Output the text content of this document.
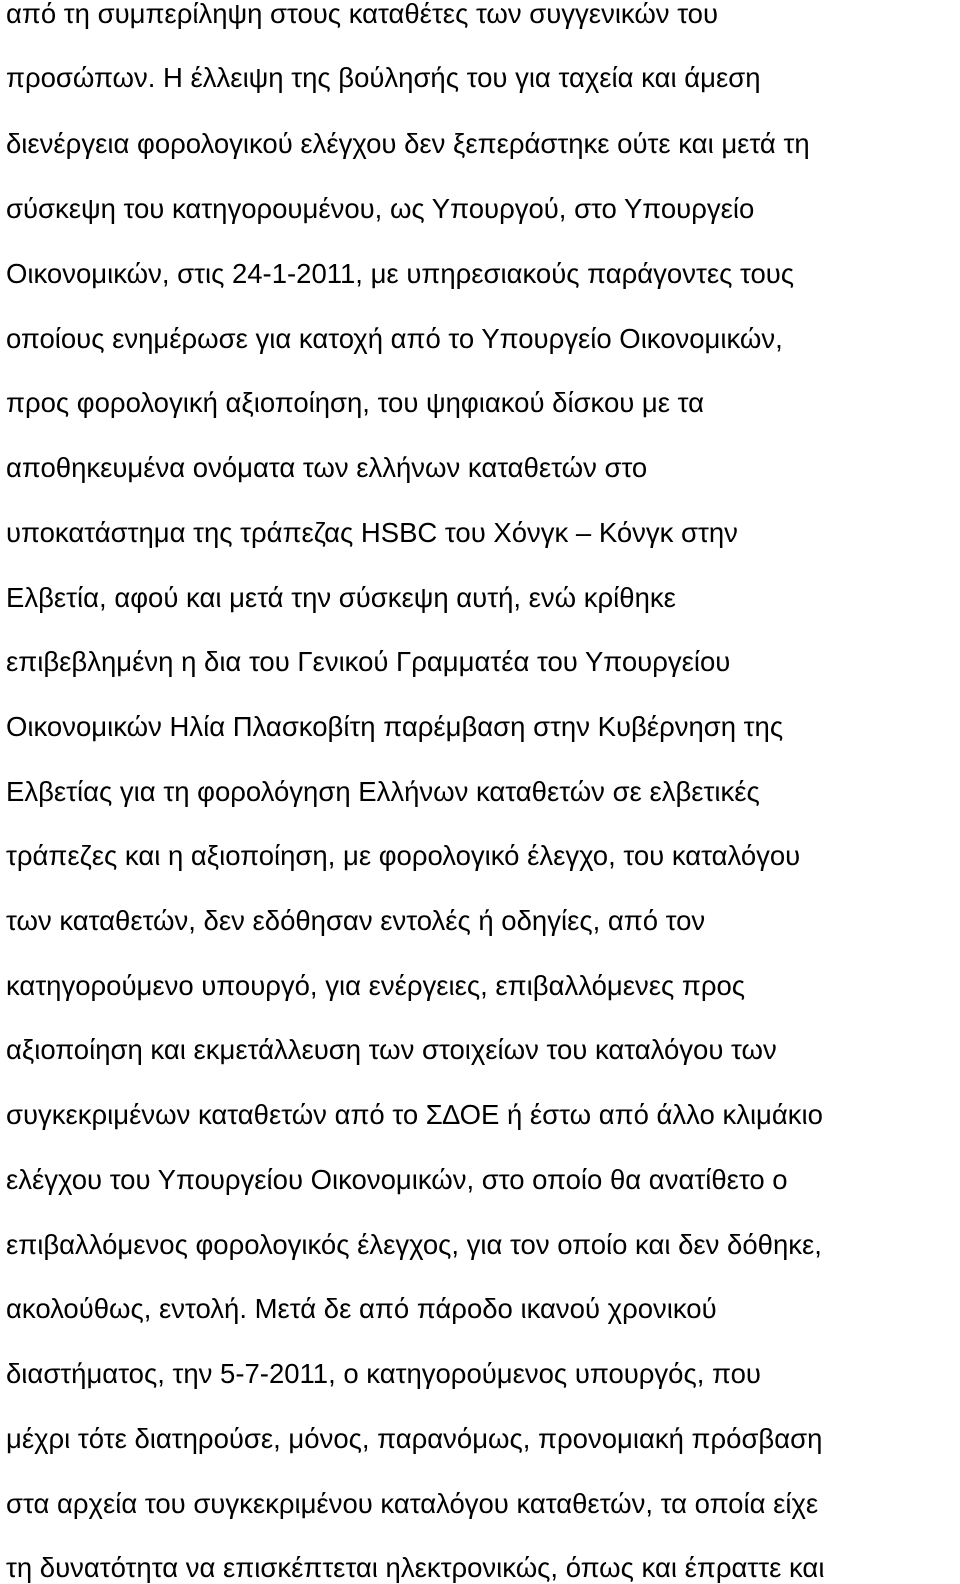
από τη συμπερίληψη στους καταθέτες των συγγενικών του
προσώπων. Η έλλειψη της βούλησής του για ταχεία και άμεση
διενέργεια φορολογικού ελέγχου δεν ξεπεράστηκε ούτε και μετά τη
σύσκεψη του κατηγορουμένου, ως Υπουργού, στο Υπουργείο
Οικονομικών, στις 24-1-2011, με υπηρεσιακούς παράγοντες τους
οποίους ενημέρωσε για κατοχή από το Υπουργείο Οικονομικών,
προς φορολογική αξιοποίηση, του ψηφιακού δίσκου με τα
αποθηκευμένα ονόματα των ελλήνων καταθετών στο
υποκατάστημα της τράπεζας HSBC του Χόνγκ – Κόνγκ στην
Ελβετία, αφού και μετά την σύσκεψη αυτή, ενώ κρίθηκε
επιβεβλημένη η δια του Γενικού Γραμματέα του Υπουργείου
Οικονομικών Ηλία Πλασκοβίτη παρέμβαση στην Κυβέρνηση της
Ελβετίας για τη φορολόγηση Ελλήνων καταθετών σε ελβετικές
τράπεζες και η αξιοποίηση, με φορολογικό έλεγχο, του καταλόγου
των καταθετών, δεν εδόθησαν εντολές ή οδηγίες, από τον
κατηγορούμενο υπουργό, για ενέργειες, επιβαλλόμενες προς
αξιοποίηση και εκμετάλλευση των στοιχείων του καταλόγου των
συγκεκριμένων καταθετών από το Σ∆ΟΕ ή έστω από άλλο κλιμάκιο
ελέγχου του Υπουργείου Οικονομικών, στο οποίο θα ανατίθετο ο
επιβαλλόμενος φορολογικός έλεγχος, για τον οποίο και δεν δόθηκε,
ακολούθως, εντολή. Μετά δε από πάροδο ικανού χρονικού
διαστήματος, την 5-7-2011, ο κατηγορούμενος υπουργός, που
μέχρι τότε διατηρούσε, μόνος, παρανόμως, προνομιακή πρόσβαση
στα αρχεία του συγκεκριμένου καταλόγου καταθετών, τα οποία είχε
τη δυνατότητα να επισκέπτεται ηλεκτρονικώς, όπως και έπραττε και
